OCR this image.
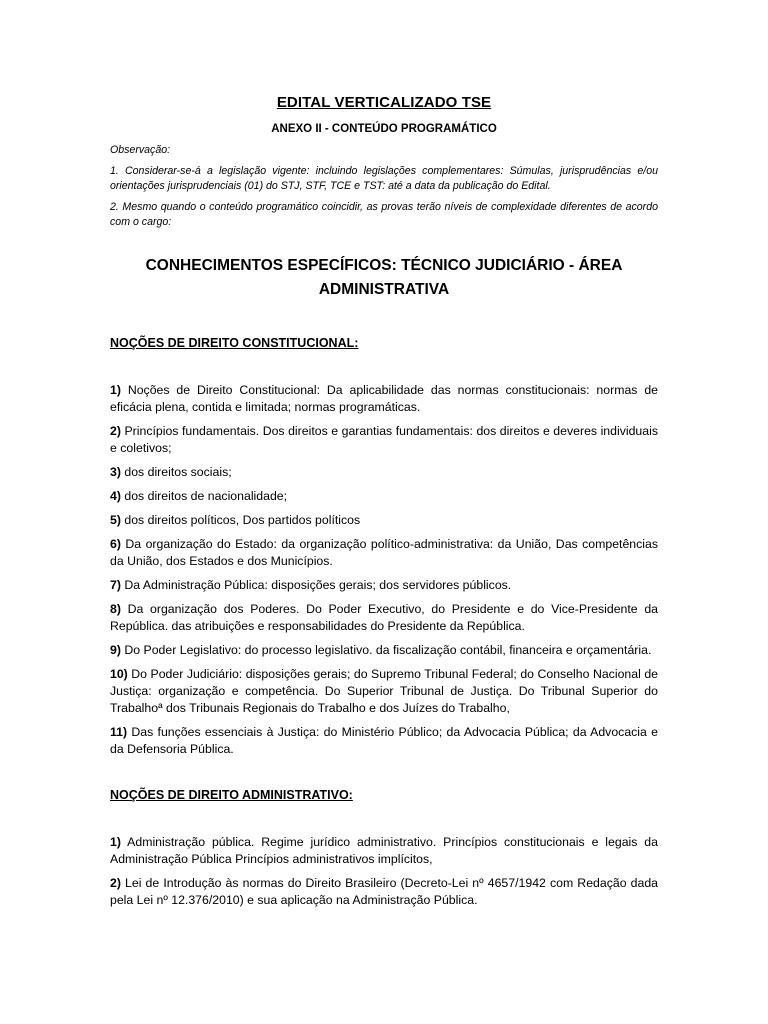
EDITAL VERTICALIZADO TSE
ANEXO II - CONTEÚDO PROGRAMÁTICO
Observação:
1. Considerar-se-á a legislação vigente: incluindo legislações complementares: Súmulas, jurisprudências e/ou orientações jurisprudenciais (01) do STJ, STF, TCE e TST: até a data da publicação do Edital.
2. Mesmo quando o conteúdo programático coincidir, as provas terão níveis de complexidade diferentes de acordo com o cargo:
CONHECIMENTOS ESPECÍFICOS: TÉCNICO JUDICIÁRIO - ÁREA ADMINISTRATIVA
NOÇÕES DE DIREITO CONSTITUCIONAL:
1) Noções de Direito Constitucional: Da aplicabilidade das normas constitucionais: normas de eficácia plena, contida e limitada; normas programáticas.
2) Princípios fundamentais. Dos direitos e garantias fundamentais: dos direitos e deveres individuais e coletivos;
3) dos direitos sociais;
4) dos direitos de nacionalidade;
5) dos direitos políticos, Dos partidos políticos
6) Da organização do Estado: da organização político-administrativa: da União, Das competências da União, dos Estados e dos Municípios.
7) Da Administração Pública: disposições gerais; dos servidores públicos.
8) Da organização dos Poderes. Do Poder Executivo, do Presidente e do Vice-Presidente da República. das atribuições e responsabilidades do Presidente da República.
9) Do Poder Legislativo: do processo legislativo. da fiscalização contábil, financeira e orçamentária.
10) Do Poder Judiciário: disposições gerais; do Supremo Tribunal Federal; do Conselho Nacional de Justiça: organização e competência. Do Superior Tribunal de Justiça. Do Tribunal Superior do Trabalhoª dos Tribunais Regionais do Trabalho e dos Juízes do Trabalho,
11) Das funções essenciais à Justiça: do Ministério Público; da Advocacia Pública; da Advocacia e da Defensoria Pública.
NOÇÕES DE DIREITO ADMINISTRATIVO:
1) Administração pública. Regime jurídico administrativo. Princípios constitucionais e legais da Administração Pública Princípios administrativos implícitos,
2) Lei de Introdução às normas do Direito Brasileiro (Decreto-Lei nº 4657/1942 com Redação dada pela Lei nº 12.376/2010) e sua aplicação na Administração Pública.
